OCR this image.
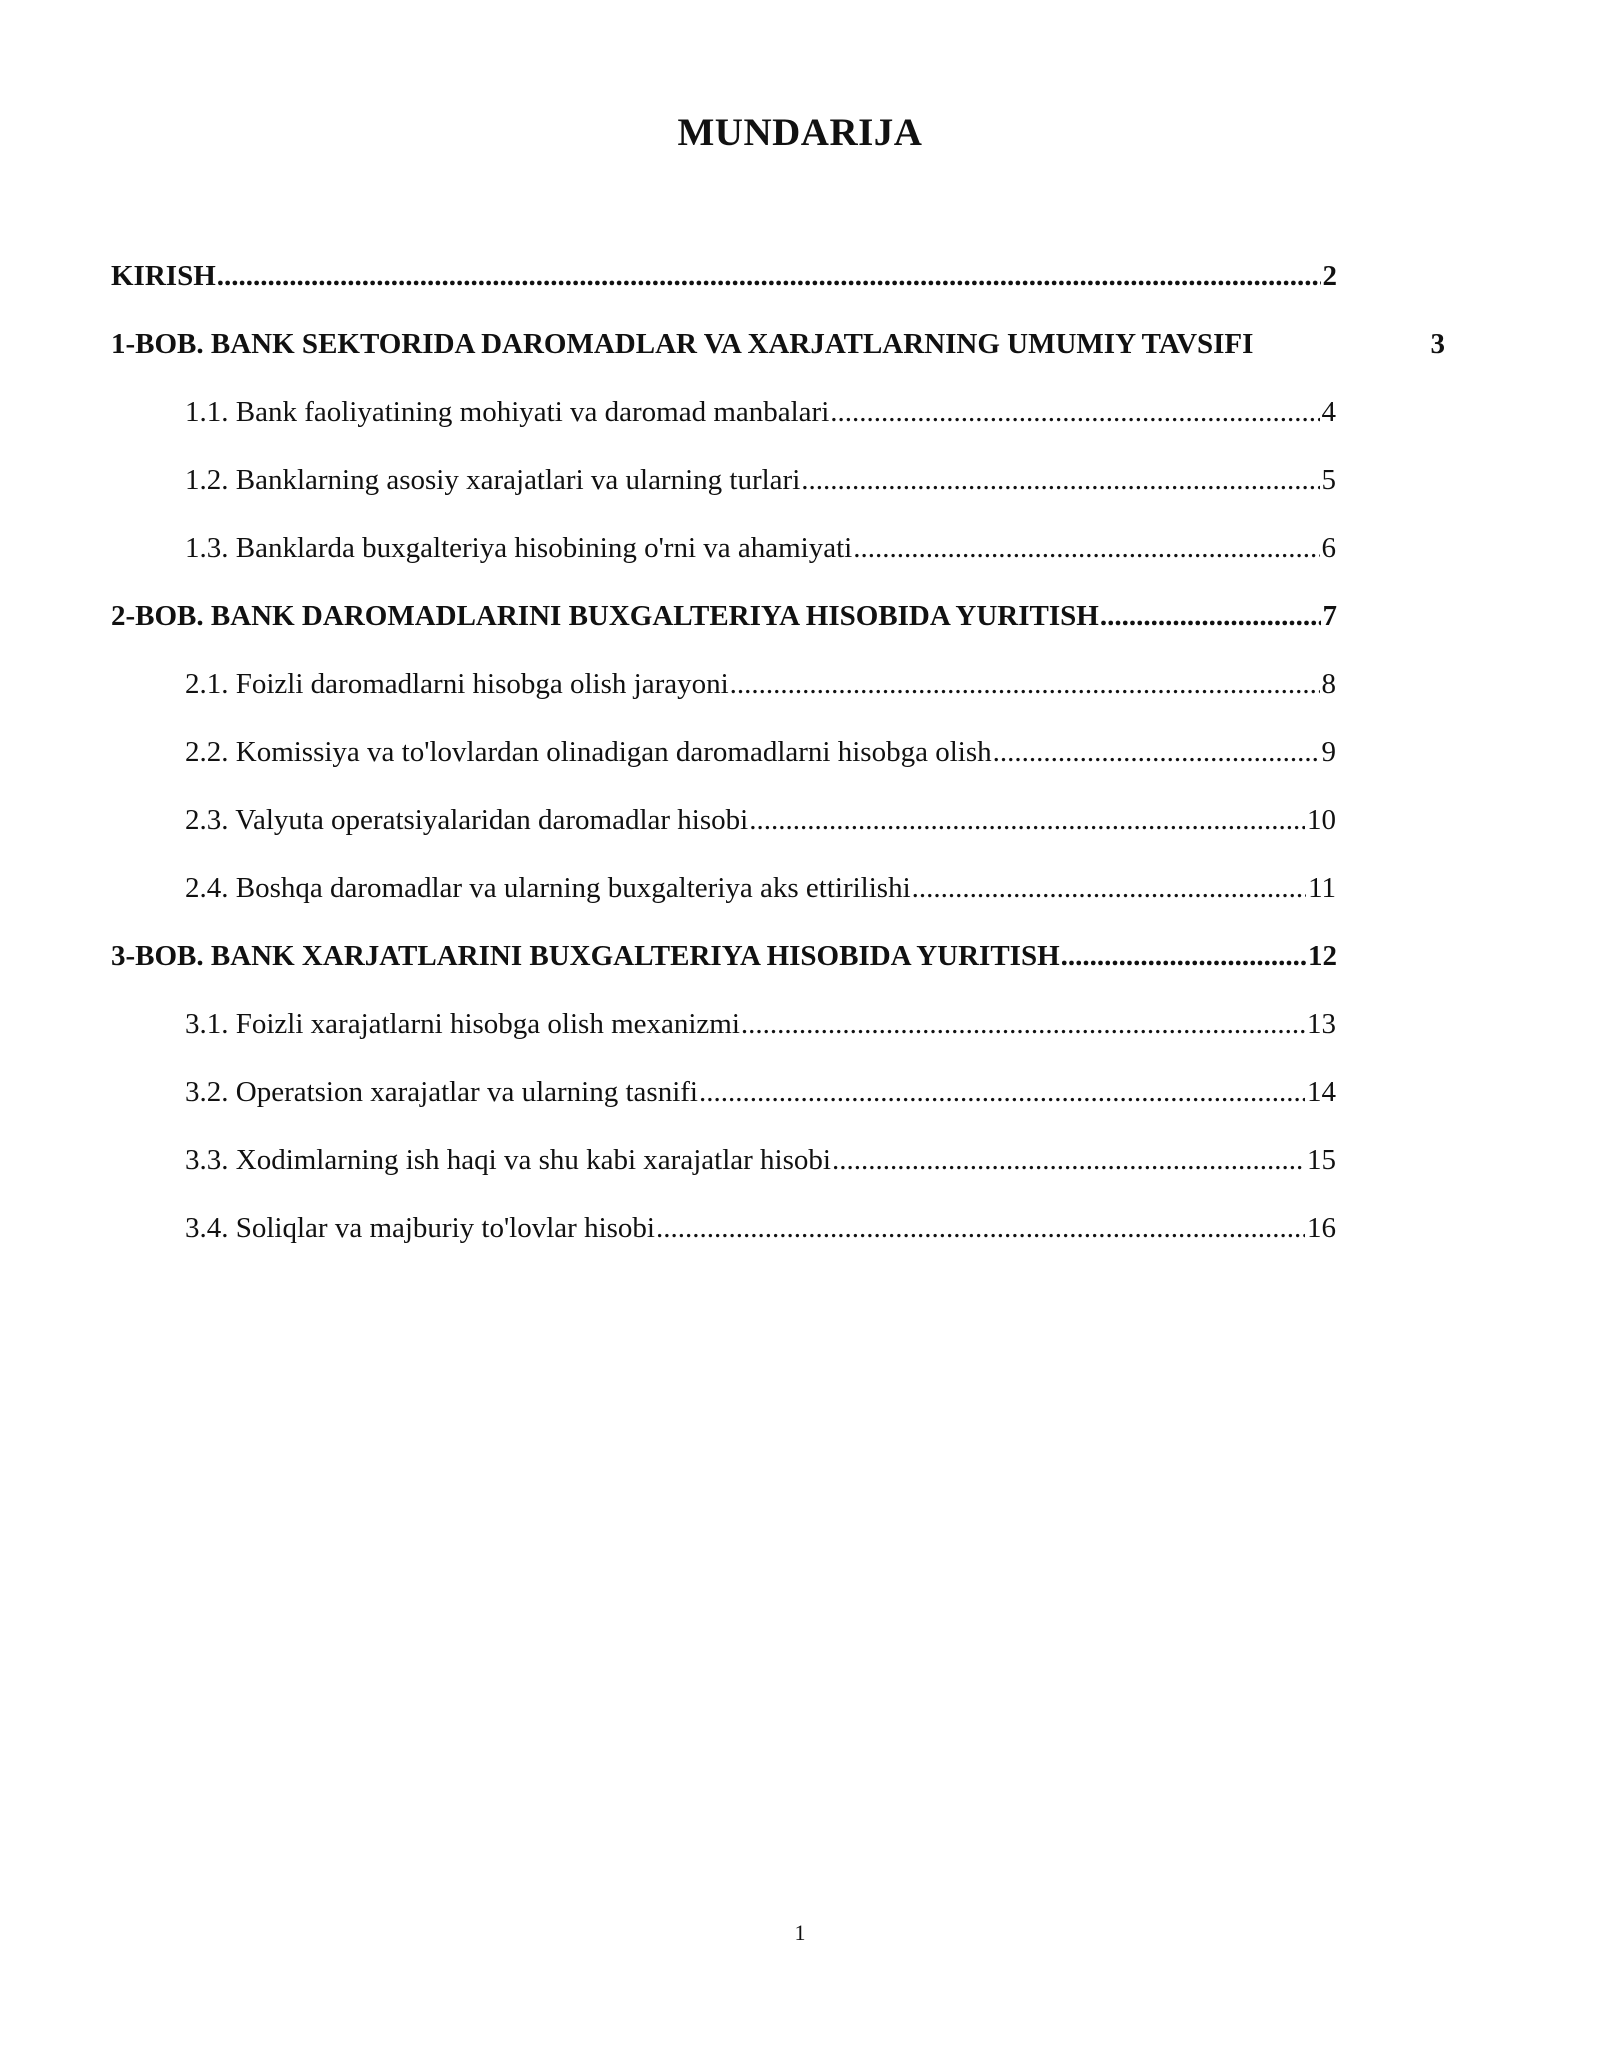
MUNDARIJA
KIRISH .....	2
1-BOB. BANK SEKTORIDA DAROMADLAR VA XARJATLARNING UMUMIY TAVSIFI	3
1.1. Bank faoliyatining mohiyati va daromad manbalari .....	4
1.2. Banklarning asosiy xarajatlari va ularning turlari .....	5
1.3. Banklarda buxgalteriya hisobining o'rni va ahamiyati .....	6
2-BOB. BANK DAROMADLARINI BUXGALTERIYA HISOBIDA YURITISH .....	7
2.1. Foizli daromadlarni hisobga olish jarayoni .....	8
2.2. Komissiya va to'lovlardan olinadigan daromadlarni hisobga olish .....	9
2.3. Valyuta operatsiyalaridan daromadlar hisobi .....	10
2.4. Boshqa daromadlar va ularning buxgalteriya aks ettirilishi .....	11
3-BOB. BANK XARJATLARINI BUXGALTERIYA HISOBIDA YURITISH .....	12
3.1. Foizli xarajatlarni hisobga olish mexanizmi .....	13
3.2. Operatsion xarajatlar va ularning tasnifi .....	14
3.3. Xodimlarning ish haqi va shu kabi xarajatlar hisobi .....	15
3.4. Soliqlar va majburiy to'lovlar hisobi .....	16
1
